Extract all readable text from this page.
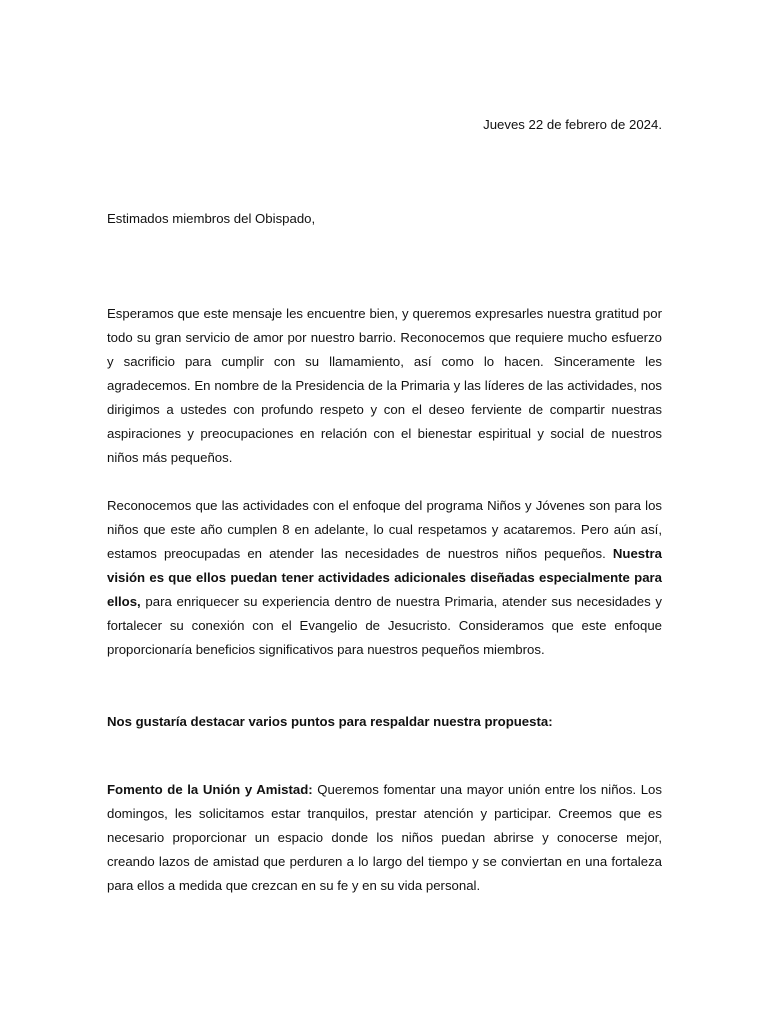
Jueves 22 de febrero de 2024.
Estimados miembros del Obispado,

Esperamos que este mensaje les encuentre bien, y queremos expresarles nuestra gratitud por todo su gran servicio de amor por nuestro barrio. Reconocemos que requiere mucho esfuerzo y sacrificio para cumplir con su llamamiento, así como lo hacen. Sinceramente les agradecemos. En nombre de la Presidencia de la Primaria y las líderes de las actividades, nos dirigimos a ustedes con profundo respeto y con el deseo ferviente de compartir nuestras aspiraciones y preocupaciones en relación con el bienestar espiritual y social de nuestros niños más pequeños.

Reconocemos que las actividades con el enfoque del programa Niños y Jóvenes son para los niños que este año cumplen 8 en adelante, lo cual respetamos y acataremos. Pero aún así, estamos preocupadas en atender las necesidades de nuestros niños pequeños. Nuestra visión es que ellos puedan tener actividades adicionales diseñadas especialmente para ellos, para enriquecer su experiencia dentro de nuestra Primaria, atender sus necesidades y fortalecer su conexión con el Evangelio de Jesucristo. Consideramos que este enfoque proporcionaría beneficios significativos para nuestros pequeños miembros.

Nos gustaría destacar varios puntos para respaldar nuestra propuesta:

Fomento de la Unión y Amistad: Queremos fomentar una mayor unión entre los niños. Los domingos, les solicitamos estar tranquilos, prestar atención y participar. Creemos que es necesario proporcionar un espacio donde los niños puedan abrirse y conocerse mejor, creando lazos de amistad que perduren a lo largo del tiempo y se conviertan en una fortaleza para ellos a medida que crezcan en su fe y en su vida personal.
